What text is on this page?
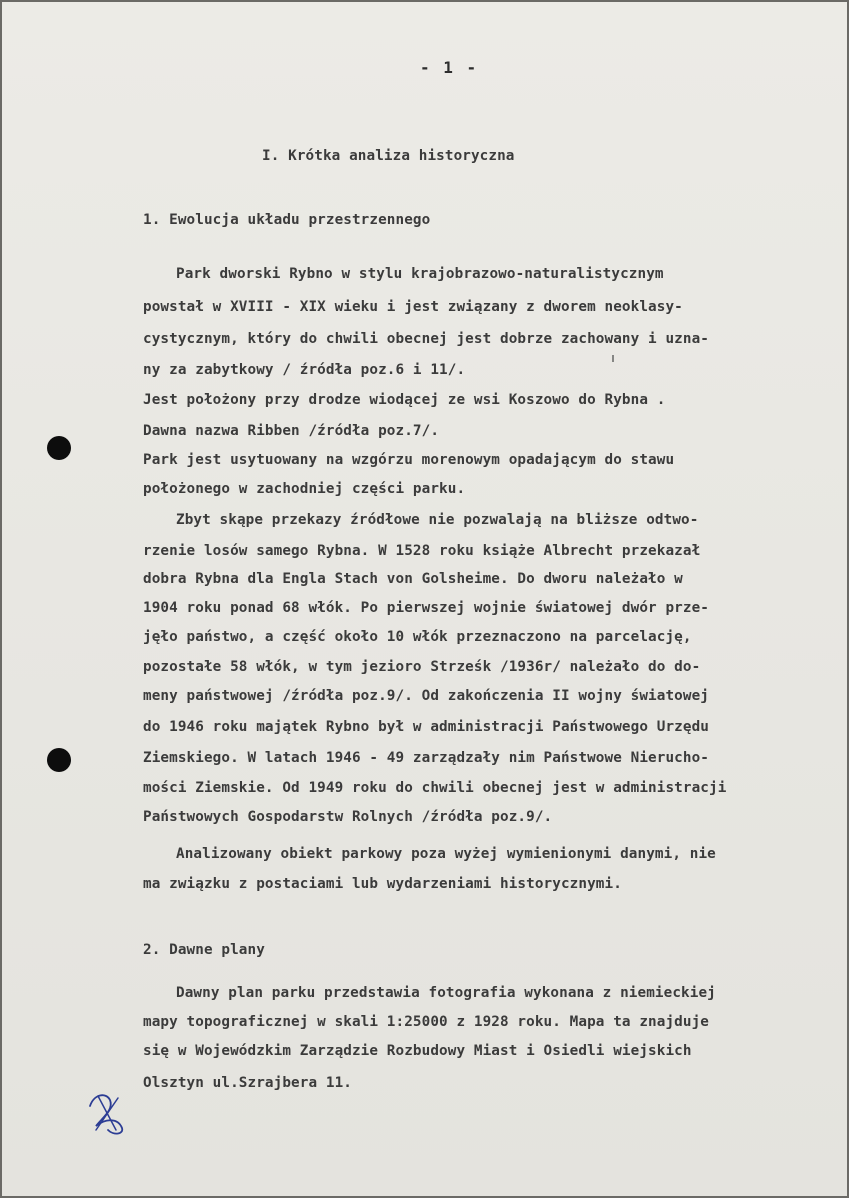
- 1 -
I. Krótka analiza historyczna
1. Ewolucja układu przestrzennego
Park dworski Rybno w stylu krajobrazowo-naturalistycznym
powstał w XVIII - XIX wieku i jest związany z dworem neoklasy-
cystycznym, który do chwili obecnej jest dobrze zachowany i uzna-
ny za zabytkowy / źródła poz.6 i 11/.
Jest położony przy drodze wiodącej ze wsi Koszowo do Rybna .
Dawna nazwa Ribben /źródła poz.7/.
Park jest usytuowany na wzgórzu morenowym opadającym do stawu
położonego w zachodniej części parku.
Zbyt skąpe przekazy źródłowe nie pozwalają na bliższe odtwo-
rzenie losów samego Rybna. W 1528 roku książe Albrecht przekazał
dobra Rybna dla Engla Stach von Golsheime. Do dworu należało w
1904 roku ponad 68 włók. Po pierwszej wojnie światowej dwór prze-
jęło państwo, a część około 10 włók przeznaczono na parcelację,
pozostałe 58 włók, w tym jezioro Strześk /1936r/ należało do do-
meny państwowej /źródła poz.9/. Od zakończenia II wojny światowej
do 1946 roku majątek Rybno był w administracji Państwowego Urzędu
Ziemskiego. W latach 1946 - 49 zarządzały nim Państwowe Nierucho-
mości Ziemskie. Od 1949 roku do chwili obecnej jest w administracji
Państwowych Gospodarstw Rolnych /źródła poz.9/.
Analizowany obiekt parkowy poza wyżej wymienionymi danymi, nie
ma związku z postaciami lub wydarzeniami historycznymi.
2. Dawne plany
Dawny plan parku przedstawia fotografia wykonana z niemieckiej
mapy topograficznej w skali 1:25000 z 1928 roku. Mapa ta znajduje
się w Wojewódzkim Zarządzie Rozbudowy Miast i Osiedli wiejskich
Olsztyn ul.Szrajbera 11.
